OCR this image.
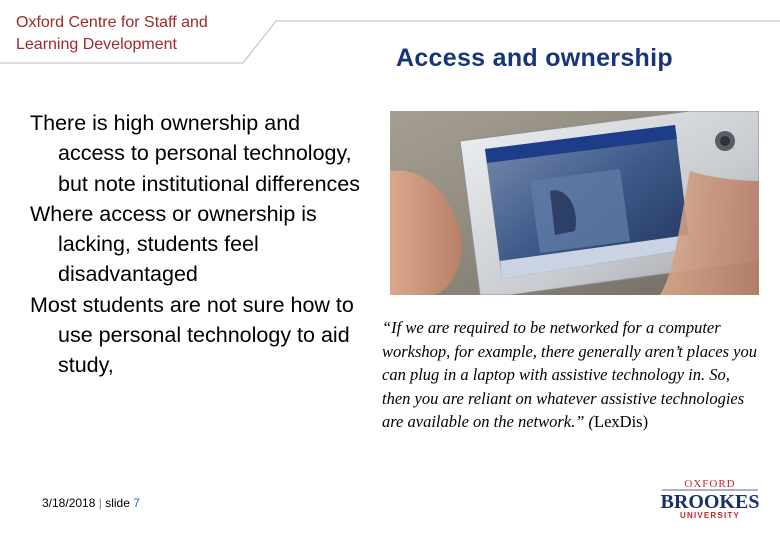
Oxford Centre for Staff and
Learning Development	Access and ownership
There is high ownership and access to personal technology, but note institutional differences
Where access or ownership is lacking, students feel disadvantaged
Most students are not sure how to use personal technology to aid study,
“If we are required to be networked for a computer workshop, for example, there generally aren’t places you can plug in a laptop with assistive technology in. So, then you are reliant on whatever assistive technologies are available on the network.” (LexDis)
3/18/2018 | slide 7
OXFORD
BROOKES
UNIVERSITY
